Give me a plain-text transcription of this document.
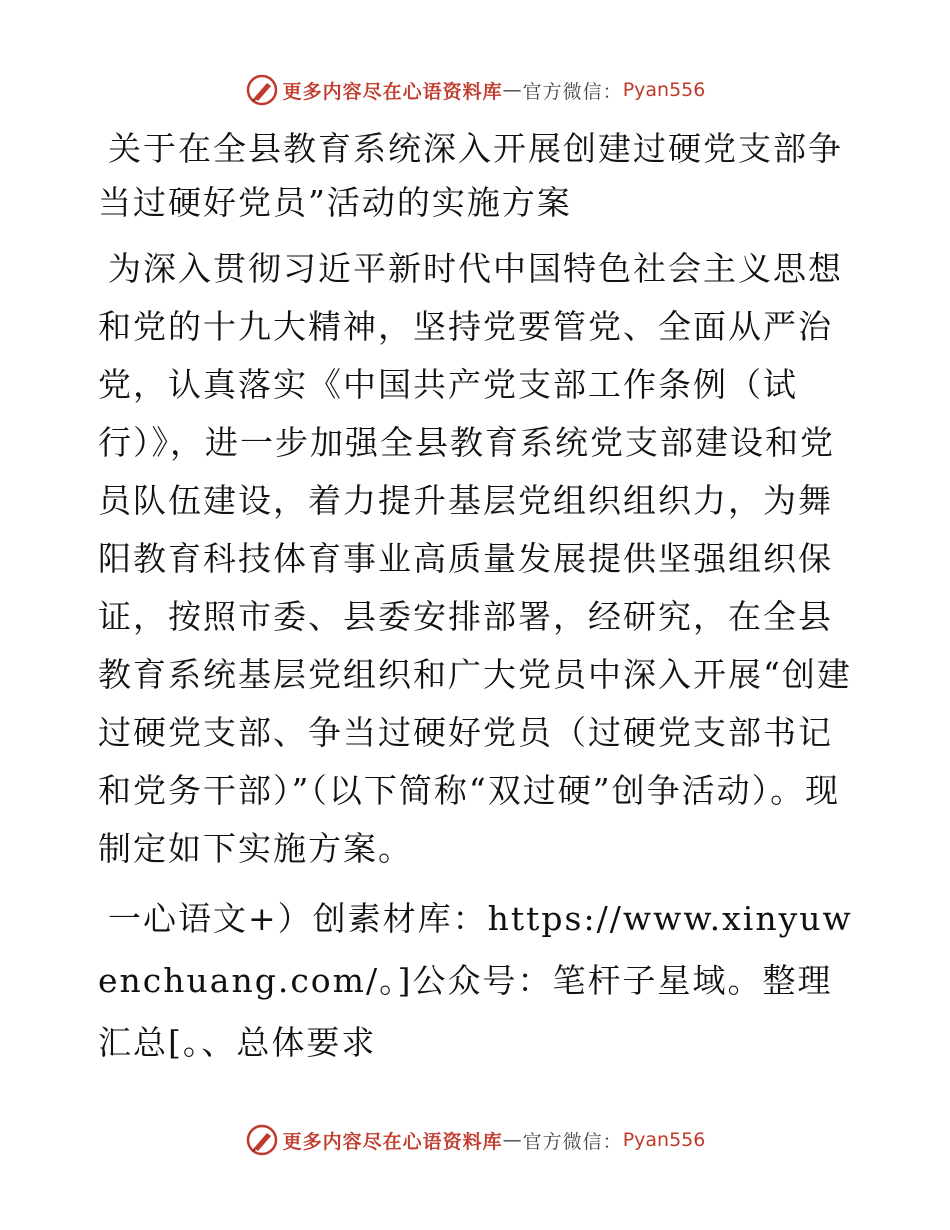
更多内容尽在心语资料库 — 官方微信： Pyan556
关于在全县教育系统深入开展创建过硬党支部争当过硬好党员”活动的实施方案

为深入贯彻习近平新时代中国特色社会主义思想和党的十九大精神，坚持党要管党、全面从严治党，认真落实《中国共产党支部工作条例（试行）》，进一步加强全县教育系统党支部建设和党员队伍建设，着力提升基层党组织组织力，为舞阳教育科技体育事业高质量发展提供坚强组织保证，按照市委、县委安排部署，经研究，在全县教育系统基层党组织和广大党员中深入开展“创建过硬党支部、争当过硬好党员（过硬党支部书记和党务干部）”（以下简称“双过硬”创争活动）。现制定如下实施方案。

一心语文+）创素材库：https://www.xinyuwenchuang.com/。]公众号：笔杆子星域。整理汇总[。、总体要求

更多内容尽在心语资料库 — 官方微信： Pyan556
